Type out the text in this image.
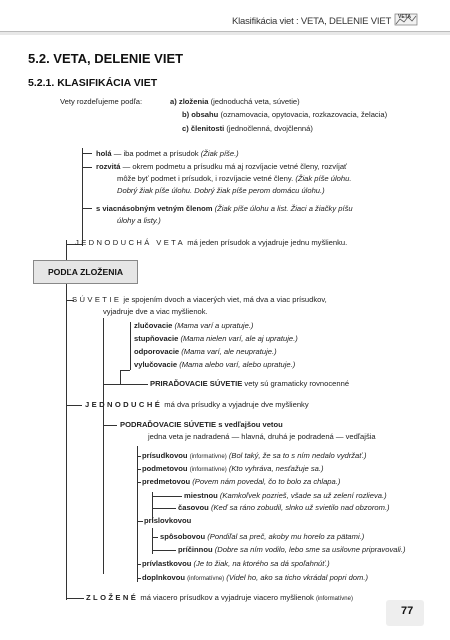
Klasifikácia viet : VETA, DELENIE VIET VETA
5.2. VETA, DELENIE VIET
5.2.1. KLASIFIKÁCIA VIET
Vety rozdeľujeme podľa:	a) zloženia (jednoduchá veta, súvetie)
b) obsahu (oznamovacia, opytovacia, rozkazovacia, želacia)
c) členitosti (jednočlenná, dvojčlenná)
holá — iba podmet a prísudok (Žiak píše.)
rozvitá — okrem podmetu a prísudku má aj rozvíjacie vetné členy, rozvíjať
môže byť podmet i prísudok, i rozvíjacie vetné členy. (Žiak píše úlohu.
Dobrý žiak píše úlohu. Dobrý žiak píše perom domácu úlohu.)
s viacnásobným vetným členom (Žiak píše úlohu a list. Žiaci a žiačky píšu
úlohy a listy.)
JEDNODUCHÁ VETA má jeden prísudok a vyjadruje jednu myšlienku.
PODĽA ZLOŽENIA
SÚVETIE je spojením dvoch a viacerých viet, má dva a viac prísudkov,
vyjadruje dve a viac myšlienok.
zlučovacie (Mama varí a upratuje.)
stupňovacie (Mama nielen varí, ale aj upratuje.)
odporovacie (Mama varí, ale neupratuje.)
vylučovacie (Mama alebo varí, alebo upratuje.)
PRIRAĎOVACIE SÚVETIE vety sú gramaticky rovnocenné
JEDNODUCHÉ má dva prísudky a vyjadruje dve myšlienky
PODRAĎOVACIE SÚVETIE s vedľajšou vetou
jedna veta je nadradená — hlavná, druhá je podradená — vedľajšia
prísudkovou (informatívne) (Bol taký, že sa to s ním nedalo vydržať.)
podmetovou (informatívne) (Kto vyhráva, nesťažuje sa.)
predmetovou (Povem nám povedal, čo to bolo za chlapa.)
miestnou (Kamkoľvek pozrieš, všade sa už zelení rozlieva.)
časovou (Keď sa ráno zobudil, slnko už svietilo nad obzorom.)
príslovkovou
spôsobovou (Pondiľal sa preč, akoby mu horelo za pätami.)
príčinnou (Dobre sa ním vodilo, lebo sme sa usilovne pripravovali.)
prívlastkovou (Je to žiak, na ktorého sa dá spoľahnúť.)
doplnkovou (informatívne) (Videl ho, ako sa ticho vkrádal popri dom.)
ZLOŽENÉ má viacero prísudkov a vyjadruje viacero myšlienok (informatívne)
77
